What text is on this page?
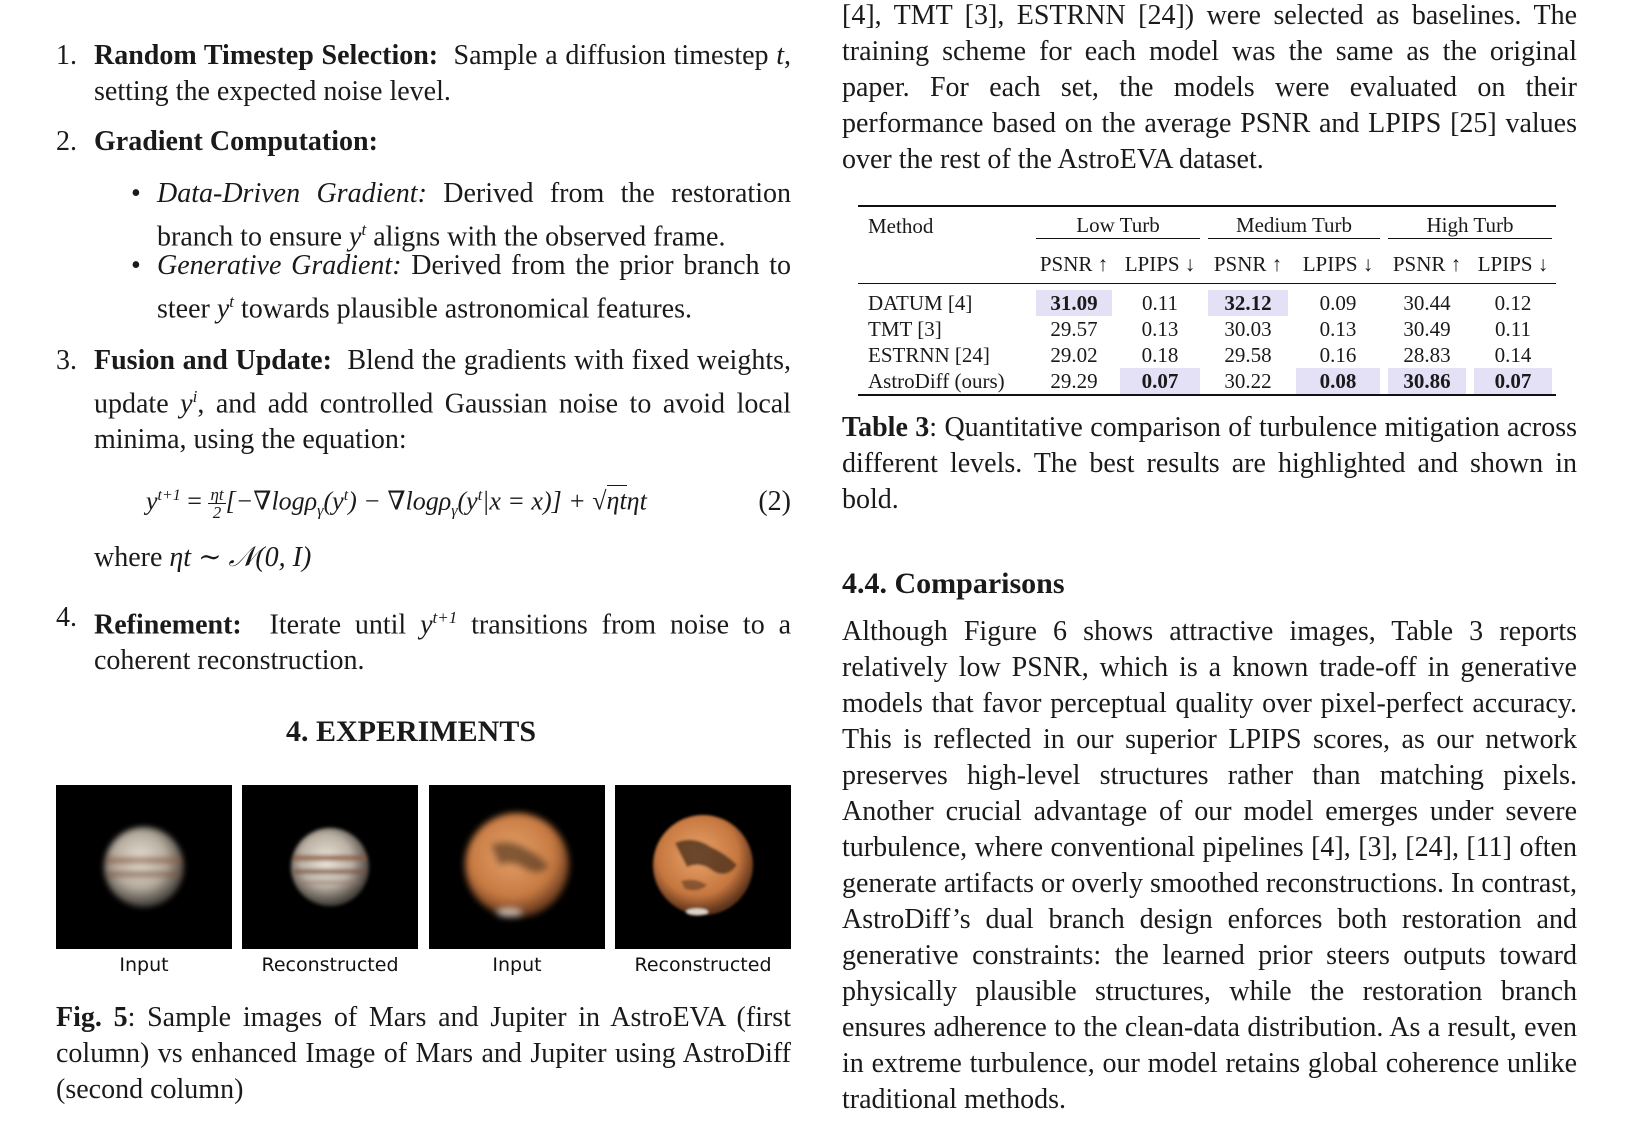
1. Random Timestep Selection: Sample a diffusion timestep t, setting the expected noise level.
2. Gradient Computation:
• Data-Driven Gradient: Derived from the restoration branch to ensure $y^t$ aligns with the observed frame.
• Generative Gradient: Derived from the prior branch to steer $y^t$ towards plausible astronomical features.
3. Fusion and Update: Blend the gradients with fixed weights, update $y^i$, and add controlled Gaussian noise to avoid local minima, using the equation:
$y^{t+1} = \frac{\eta t}{2} [-\nabla\log\rho_\gamma(y^t) - \nabla\log\rho_\gamma(y^t|x = x)] + √\eta t\eta t$	(2)
where ηt ∼ 𝒩(0, I)
4. Refinement: Iterate until $y^{t+1}$ transitions from noise to a coherent reconstruction.
4. EXPERIMENTS
Input	Reconstructed	Input	Reconstructed
Fig. 5: Sample images of Mars and Jupiter in AstroEVA (first column) vs enhanced Image of Mars and Jupiter using AstroDiff (second column)

[4], TMT [3], ESTRNN [24]) were selected as baselines. The training scheme for each model was the same as the original paper. For each set, the models were evaluated on their performance based on the average PSNR and LPIPS [25] values over the rest of the AstroEVA dataset.

Method	Low Turb		Medium Turb		High Turb	

	PSNR ↑	LPIPS ↓	PSNR ↑	LPIPS ↓	PSNR ↑	LPIPS ↓
DATUM [4]	31.09	0.11	32.12	0.09	30.44	0.12
TMT [3]	29.57	0.13	30.03	0.13	30.49	0.11
ESTRNN [24]	29.02	0.18	29.58	0.16	28.83	0.14
AstroDiff (ours)	29.29	0.07	30.22	0.08	30.86	0.07
Table 3: Quantitative comparison of turbulence mitigation across different levels. The best results are highlighted and shown in bold.
4.4. Comparisons

Although Figure 6 shows attractive images, Table 3 reports relatively low PSNR, which is a known trade-off in generative models that favor perceptual quality over pixel-perfect accuracy. This is reflected in our superior LPIPS scores, as our network preserves high-level structures rather than matching pixels. Another crucial advantage of our model emerges under severe turbulence, where conventional pipelines [4], [3], [24], [11] often generate artifacts or overly smoothed reconstructions. In contrast, AstroDiff’s dual branch design enforces both restoration and generative constraints: the learned prior steers outputs toward physically plausible structures, while the restoration branch ensures adherence to the clean-data distribution. As a result, even in extreme turbulence, our model retains global coherence unlike traditional methods.
